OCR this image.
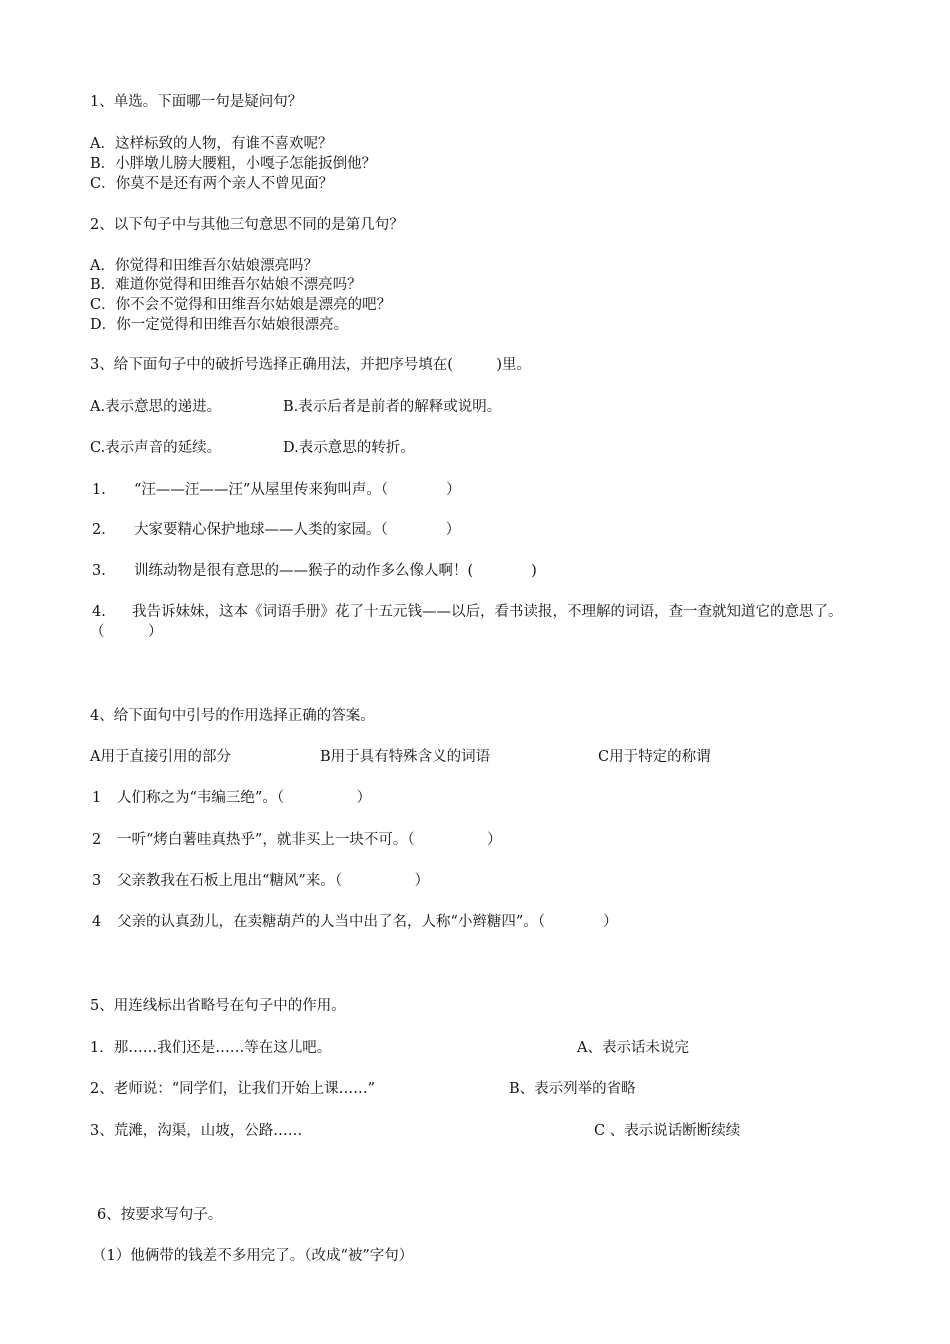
1、单选。下面哪一句是疑问句？
A．这样标致的人物，有谁不喜欢呢？
B．小胖墩儿膀大腰粗，小嘎子怎能扳倒他？
C．你莫不是还有两个亲人不曾见面？
2、以下句子中与其他三句意思不同的是第几句？
A．你觉得和田维吾尔姑娘漂亮吗？
B．难道你觉得和田维吾尔姑娘不漂亮吗？
C．你不会不觉得和田维吾尔姑娘是漂亮的吧？
D．你一定觉得和田维吾尔姑娘很漂亮。
3、给下面句子中的破折号选择正确用法，并把序号填在(　　　)里。
A.表示意思的递进。	B.表示后者是前者的解释或说明。
C.表示声音的延续。	D.表示意思的转折。
1. “汪——汪——汪”从屋里传来狗叫声。（　　　　）
2. 大家要精心保护地球——人类的家园。（　　　　）
3. 训练动物是很有意思的——猴子的动作多么像人啊！(　　　　)
4.	我告诉妹妹，这本《词语手册》花了十五元钱——以后，看书读报，不理解的词语，查一查就知道它的意思了。（　　　）
4、给下面句中引号的作用选择正确的答案。
A用于直接引用的部分	B用于具有特殊含义的词语	C用于特定的称谓
1 人们称之为“韦编三绝”。（　　　　　）
2 一听“烤白薯哇真热乎”，就非买上一块不可。（　　　　　）
3 父亲教我在石板上甩出“糖风”来。（　　　　　）
4 父亲的认真劲儿，在卖糖葫芦的人当中出了名，人称“小辫糖四”。（　　　　）
5、用连线标出省略号在句子中的作用。
1．那……我们还是……等在这儿吧。	A、表示话未说完
2、老师说：“同学们，让我们开始上课……”	B、表示列举的省略
3、荒滩，沟渠，山坡，公路……	C 、表示说话断断续续
6、按要求写句子。
（1）他俩带的钱差不多用完了。（改成“被”字句）
